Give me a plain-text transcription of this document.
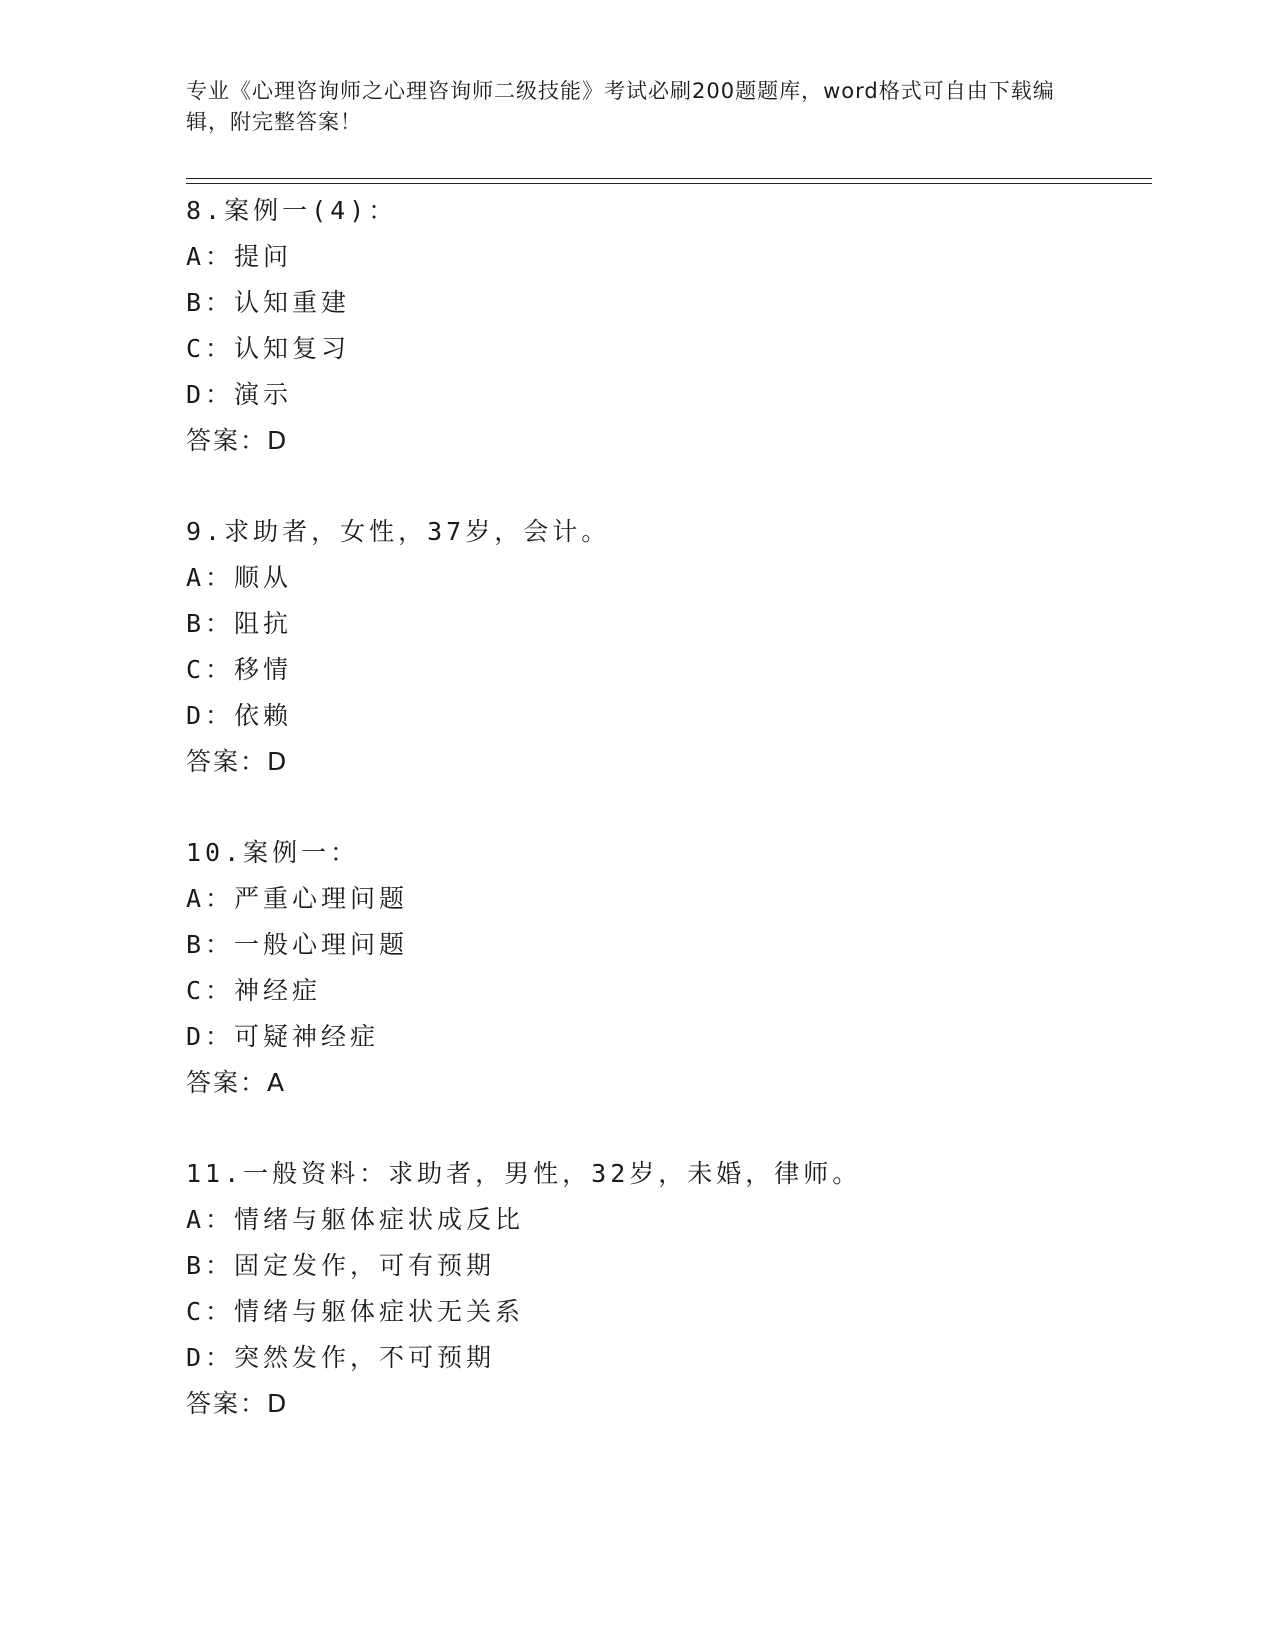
专业《心理咨询师之心理咨询师二级技能》考试必刷200题题库，word格式可自由下载编辑，附完整答案！
8.案例一(4)：
A：提问
B：认知重建
C：认知复习
D：演示
答案：D
9.求助者，女性，37岁，会计。
A：顺从
B：阻抗
C：移情
D：依赖
答案：D
10.案例一：
A：严重心理问题
B：一般心理问题
C：神经症
D：可疑神经症
答案：A
11.一般资料：求助者，男性，32岁，未婚，律师。
A：情绪与躯体症状成反比
B：固定发作，可有预期
C：情绪与躯体症状无关系
D：突然发作，不可预期
答案：D
